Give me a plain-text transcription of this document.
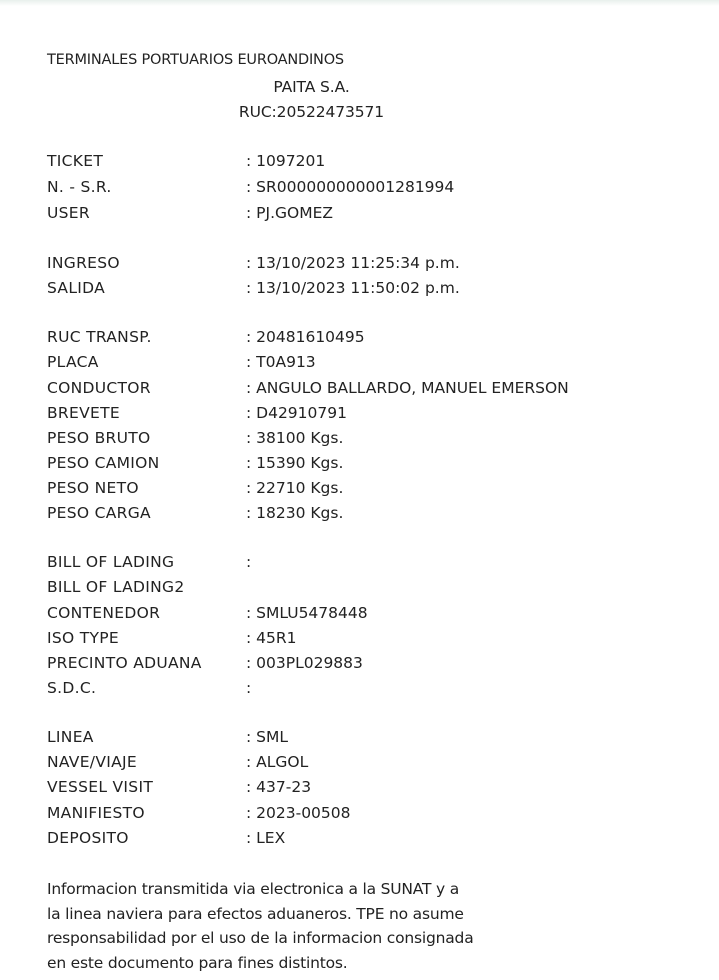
TERMINALES PORTUARIOS EUROANDINOS
PAITA S.A.
RUC:20522473571
TICKET	: 1097201
N. - S.R.	: SR000000000001281994
USER	: PJ.GOMEZ
INGRESO	: 13/10/2023 11:25:34 p.m.
SALIDA	: 13/10/2023 11:50:02 p.m.
RUC TRANSP.	: 20481610495
PLACA	: T0A913
CONDUCTOR	: ANGULO BALLARDO, MANUEL EMERSON
BREVETE	: D42910791
PESO BRUTO	: 38100 Kgs.
PESO CAMION	: 15390 Kgs.
PESO NETO	: 22710 Kgs.
PESO CARGA	: 18230 Kgs.
BILL OF LADING	:
BILL OF LADING2
CONTENEDOR	: SMLU5478448
ISO TYPE	: 45R1
PRECINTO ADUANA	: 003PL029883
S.D.C.	:
LINEA	: SML
NAVE/VIAJE	: ALGOL
VESSEL VISIT	: 437-23
MANIFIESTO	: 2023-00508
DEPOSITO	: LEX
Informacion transmitida via electronica a la SUNAT y a
la linea naviera para efectos aduaneros. TPE no asume
responsabilidad por el uso de la informacion consignada
en este documento para fines distintos.
